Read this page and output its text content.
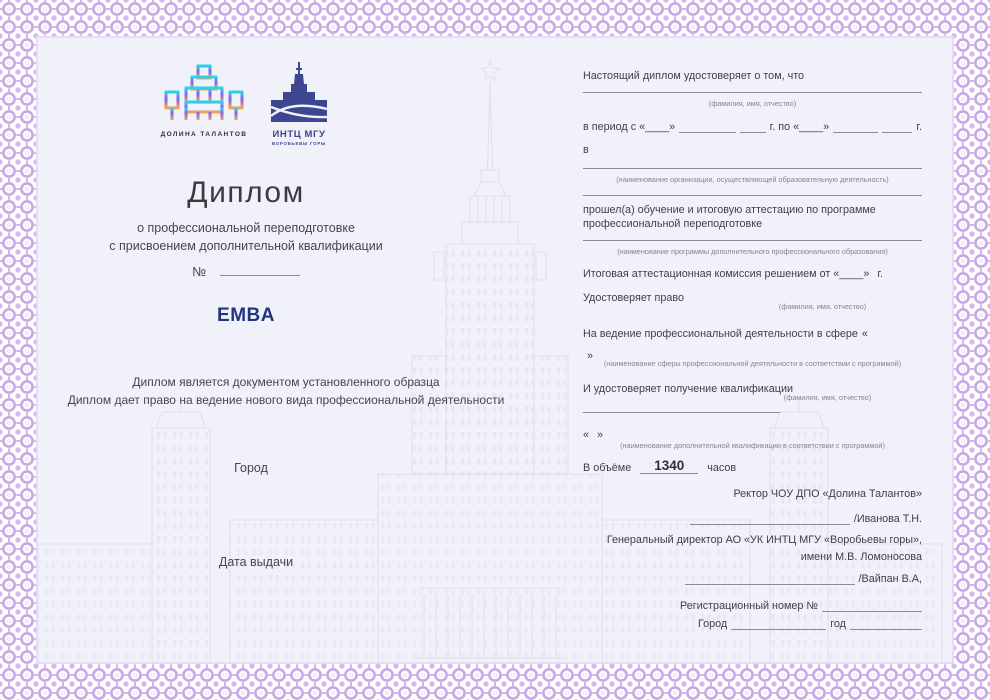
ДОЛИНА ТАЛАНТОВ	ИНТЦ МГУ
ВОРОБЬЕВЫ ГОРЫ
Диплом
о профессиональной переподготовке
с присвоением дополнительной квалификации
№
EMBA
Диплом является документом установленного образца
Диплом дает право на ведение нового вида профессиональной деятельности
Город
Дата выдачи
Настоящий диплом удостоверяет о том, что
(фамилия, имя, отчество)
в период с «____»	г. по «____»	г.
в
(наименование организации, осуществляющей образовательную деятельность)
прошел(а) обучение и итоговую аттестацию по программе
профессиональной переподготовке
(наименование программы дополнительного профессионального образования)
Итоговая аттестационная комиссия решением от «____» г.
Удостоверяет право
(фамилия, имя, отчество)
На ведение профессиональной деятельности в сфере «
»
(наименование сферы профессиональной деятельности в соответствии с программой)
И удостоверяет получение квалификации
(фамилия, имя, отчество)
« »
(наименование дополнительной квалификации в соответствии с программой)
В объёме	1340	часов
Ректор ЧОУ ДПО «Долина Талантов»
/Иванова Т.Н.
Генеральный директор АО «УК ИНТЦ МГУ «Воробьевы горы»,
имени М.В. Ломоносова
/Вайпан В.А,
Регистрационный номер №
Город	год
